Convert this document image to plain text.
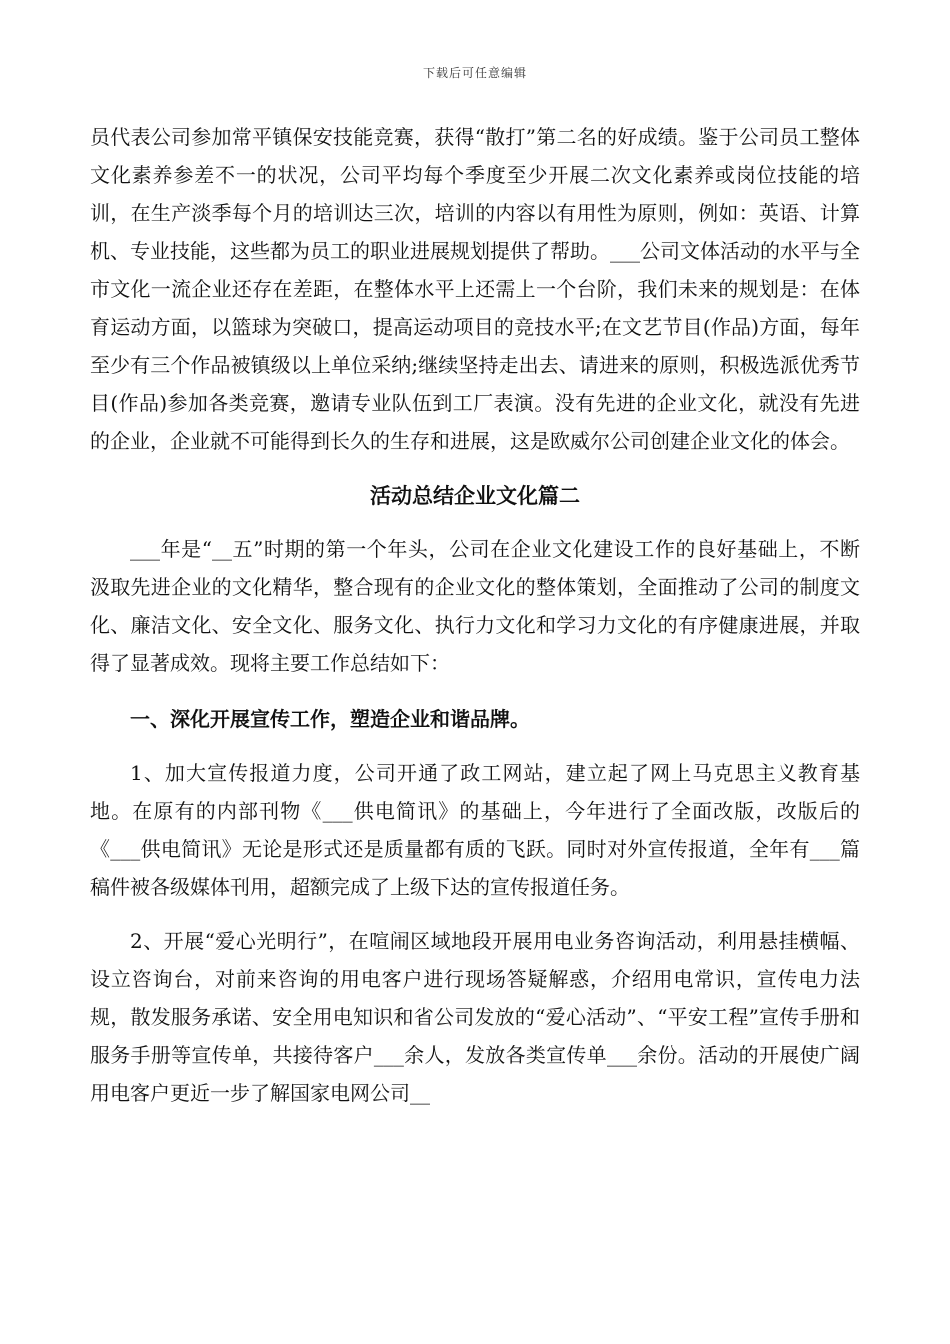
下载后可任意编辑

员代表公司参加常平镇保安技能竞赛，获得“散打”第二名的好成绩。鉴于公司员工整体文化素养参差不一的状况，公司平均每个季度至少开展二次文化素养或岗位技能的培训，在生产淡季每个月的培训达三次，培训的内容以有用性为原则，例如：英语、计算机、专业技能，这些都为员工的职业进展规划提供了帮助。___公司文体活动的水平与全市文化一流企业还存在差距，在整体水平上还需上一个台阶，我们未来的规划是：在体育运动方面，以篮球为突破口，提高运动项目的竞技水平;在文艺节目(作品)方面，每年至少有三个作品被镇级以上单位采纳;继续坚持走出去、请进来的原则，积极选派优秀节目(作品)参加各类竞赛，邀请专业队伍到工厂表演。没有先进的企业文化，就没有先进的企业，企业就不可能得到长久的生存和进展，这是欧威尔公司创建企业文化的体会。

活动总结企业文化篇二

___年是“__五”时期的第一个年头，公司在企业文化建设工作的良好基础上，不断汲取先进企业的文化精华，整合现有的企业文化的整体策划，全面推动了公司的制度文化、廉洁文化、安全文化、服务文化、执行力文化和学习力文化的有序健康进展，并取得了显著成效。现将主要工作总结如下：

一、深化开展宣传工作，塑造企业和谐品牌。

1、加大宣传报道力度，公司开通了政工网站，建立起了网上马克思主义教育基地。在原有的内部刊物《___供电简讯》的基础上，今年进行了全面改版，改版后的《___供电简讯》无论是形式还是质量都有质的飞跃。同时对外宣传报道，全年有___篇稿件被各级媒体刊用，超额完成了上级下达的宣传报道任务。

2、开展“爱心光明行”，在喧闹区域地段开展用电业务咨询活动，利用悬挂横幅、设立咨询台，对前来咨询的用电客户进行现场答疑解惑，介绍用电常识，宣传电力法规，散发服务承诺、安全用电知识和省公司发放的“爱心活动”、“平安工程”宣传手册和服务手册等宣传单，共接待客户___余人，发放各类宣传单___余份。活动的开展使广阔用电客户更近一步了解国家电网公司__
